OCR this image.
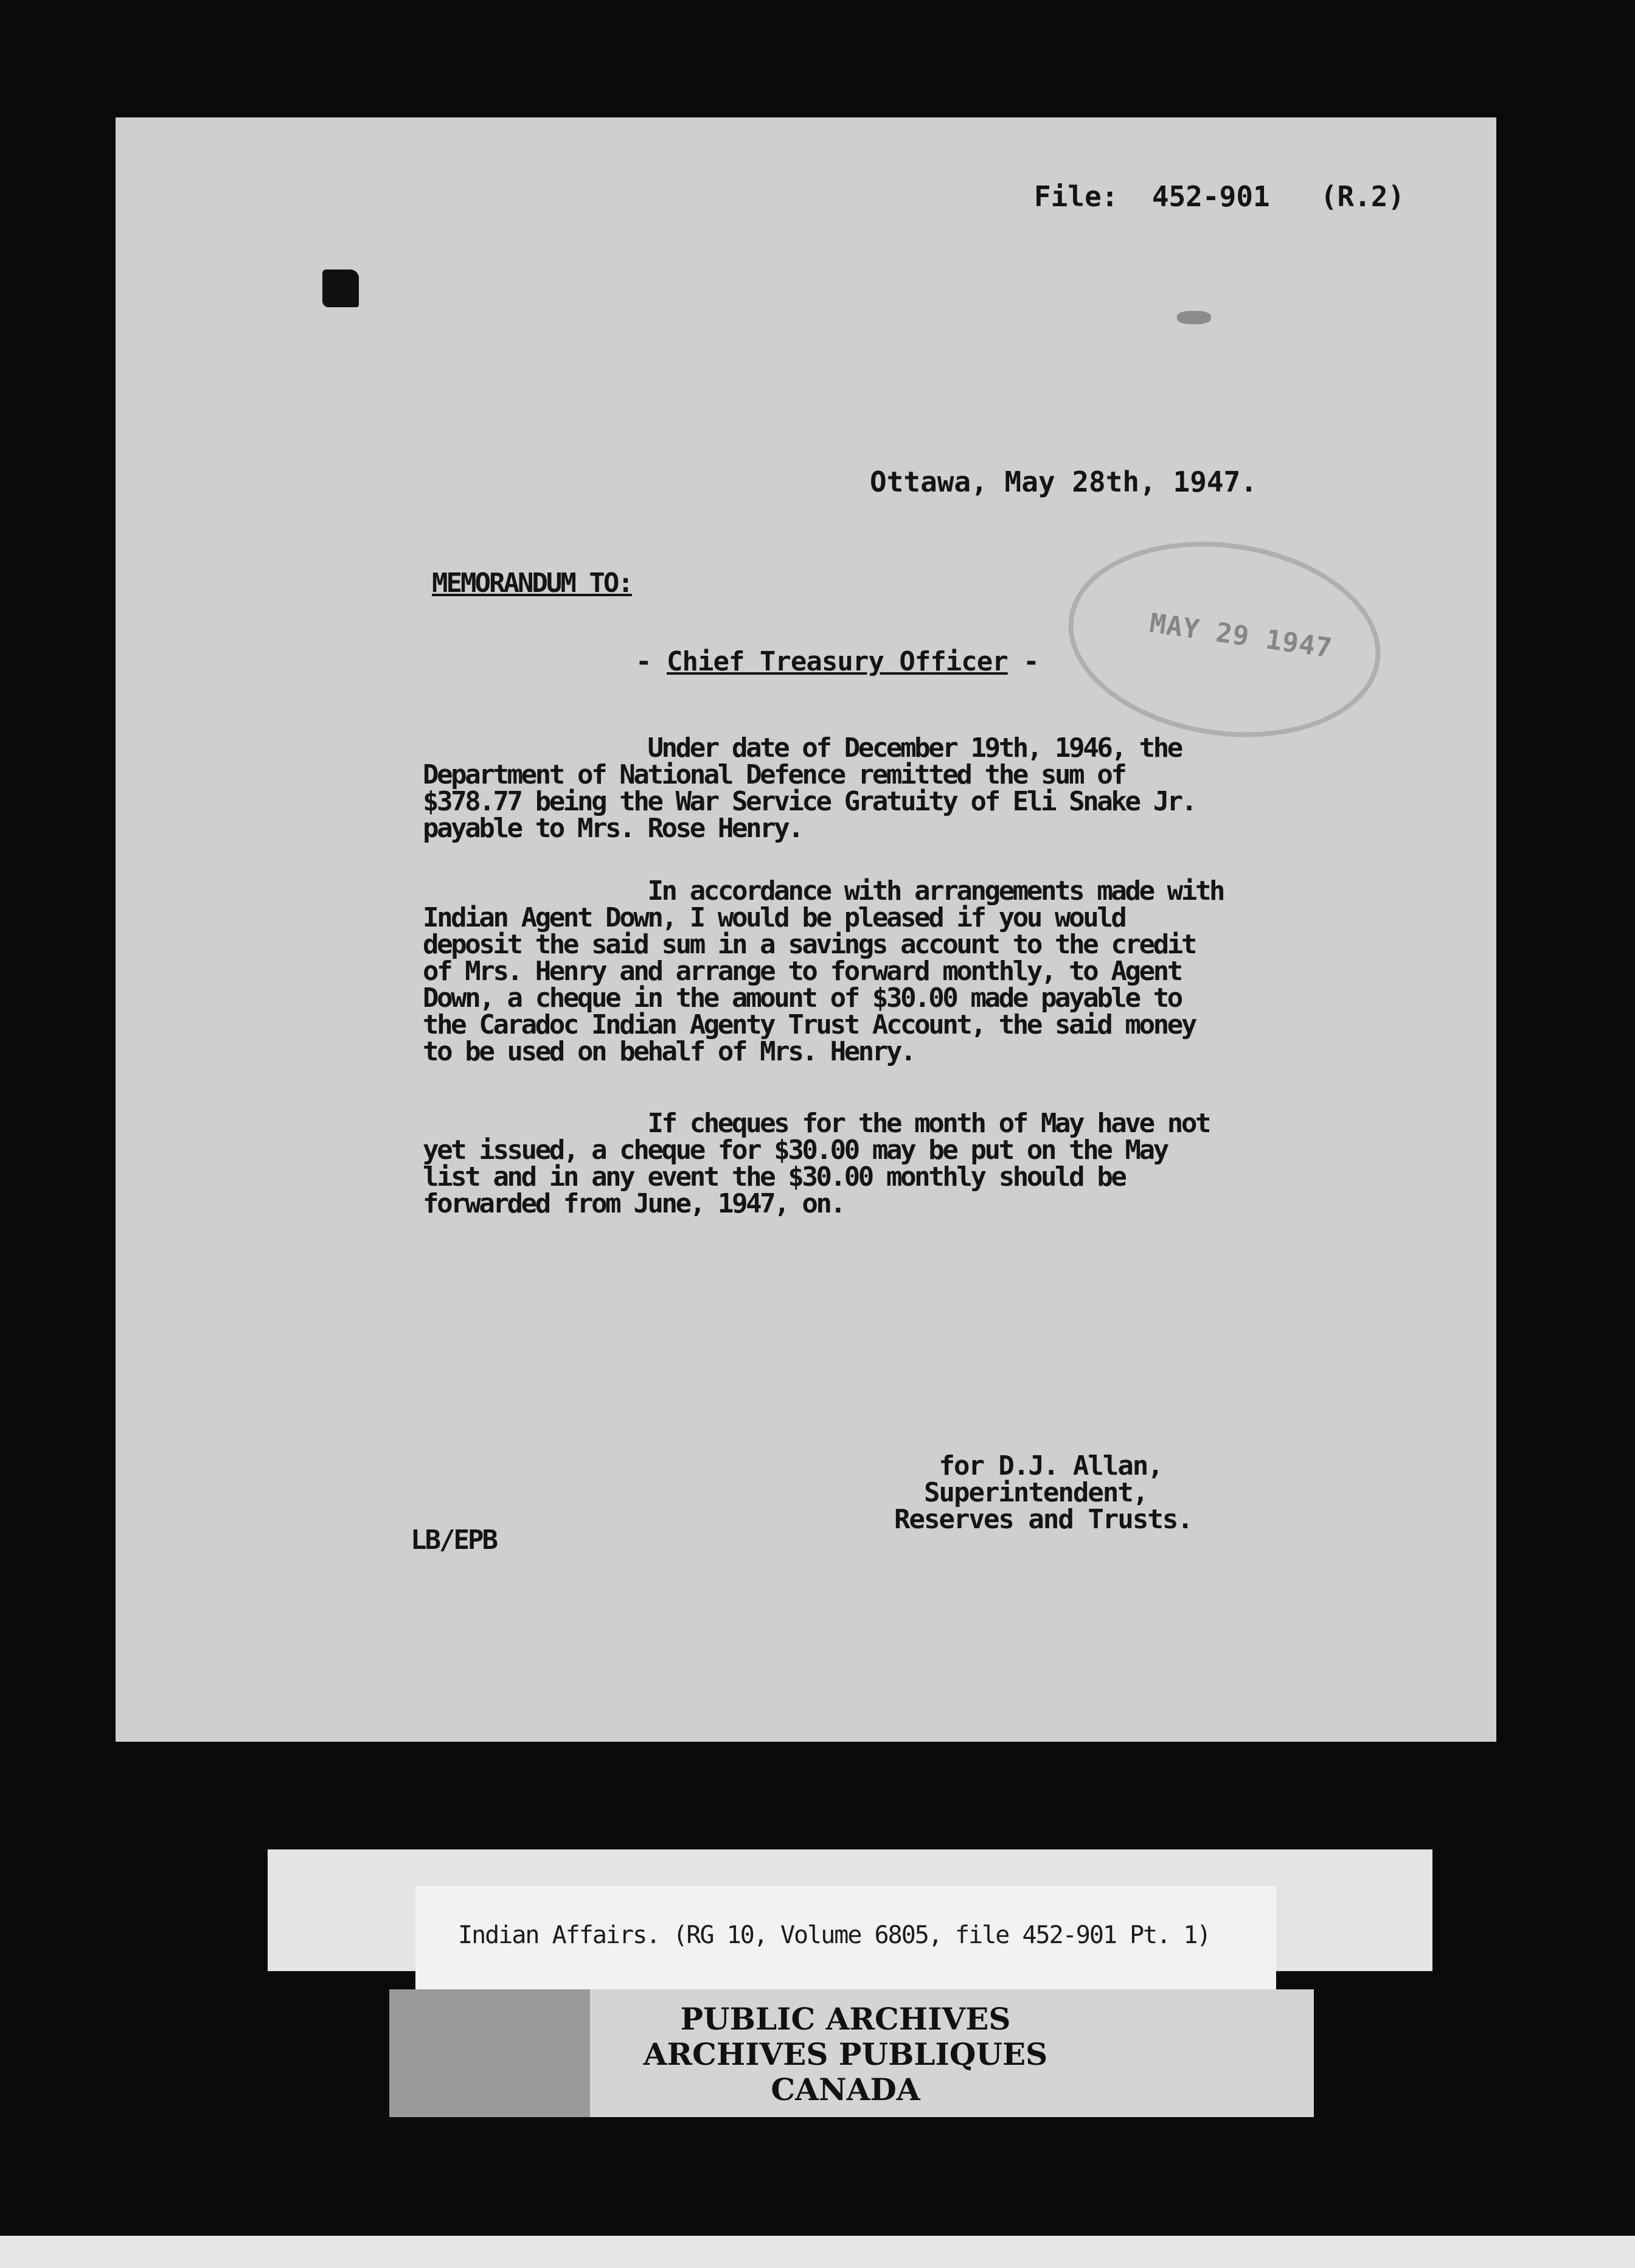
File:  452-901   (R.2)
Ottawa, May 28th, 1947.
MAY 29 1947
MEMORANDUM TO:
- Chief Treasury Officer -
Under date of December 19th, 1946, the
Department of National Defence remitted the sum of
$378.77 being the War Service Gratuity of Eli Snake Jr.
payable to Mrs. Rose Henry.
In accordance with arrangements made with
Indian Agent Down, I would be pleased if you would
deposit the said sum in a savings account to the credit
of Mrs. Henry and arrange to forward monthly, to Agent
Down, a cheque in the amount of $30.00 made payable to
the Caradoc Indian Agenty Trust Account, the said money
to be used on behalf of Mrs. Henry.
If cheques for the month of May have not
yet issued, a cheque for $30.00 may be put on the May
list and in any event the $30.00 monthly should be
forwarded from June, 1947, on.
for D.J. Allan,
Superintendent,
Reserves and Trusts.
LB/EPB
Indian Affairs. (RG 10, Volume 6805, file 452-901 Pt. 1)
PUBLIC ARCHIVES
ARCHIVES PUBLIQUES
CANADA
